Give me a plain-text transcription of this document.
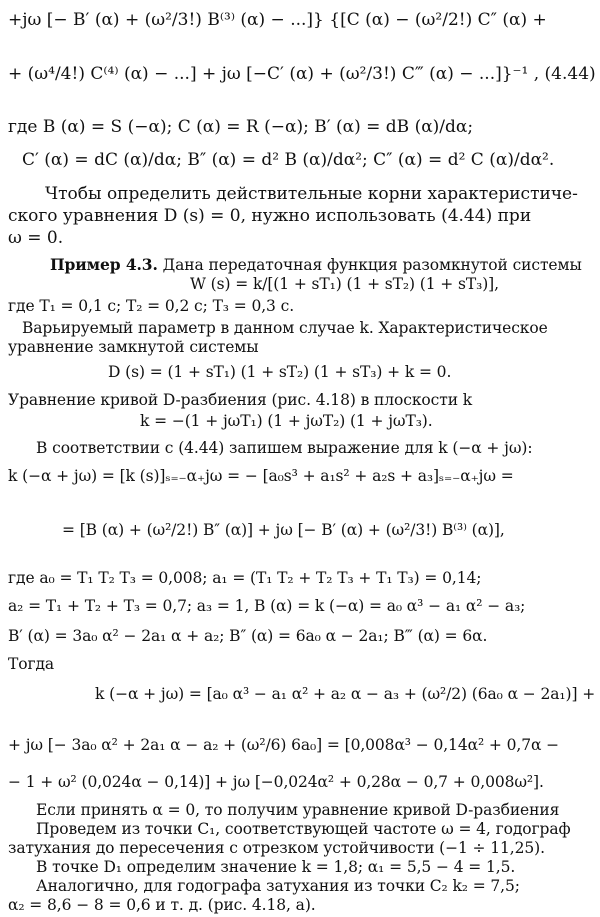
+jω [− B′ (α) + (ω²/3!) B⁽³⁾ (α) − ...]} {[C (α) − (ω²/2!) C″ (α) +
+ (ω⁴/4!) C⁽⁴⁾ (α) − ...] + jω [−C′ (α) + (ω²/3!) C‴ (α) − ...]}⁻¹ , (4.44)
где B (α) = S (−α); C (α) = R (−α); B′ (α) = dB (α)/dα;
C′ (α) = dC (α)/dα; B″ (α) = d² B (α)/dα²; C″ (α) = d² C (α)/dα².
Чтобы определить действительные корни характеристиче-
ского уравнения D (s) = 0, нужно использовать (4.44) при
ω = 0.
Пример 4.3. Дана передаточная функция разомкнутой системы
W (s) = k/[(1 + sT₁) (1 + sT₂) (1 + sT₃)],
где T₁ = 0,1 с; T₂ = 0,2 с; T₃ = 0,3 с.
Варьируемый параметр в данном случае k. Характеристическое
уравнение замкнутой системы
D (s) = (1 + sT₁) (1 + sT₂) (1 + sT₃) + k = 0.
Уравнение кривой D-разбиения (рис. 4.18) в плоскости k
k = −(1 + jωT₁) (1 + jωT₂) (1 + jωT₃).
В соответствии с (4.44) запишем выражение для k (−α + jω):
k (−α + jω) = [k (s)]ₛ₌₋α₊jω = − [a₀s³ + a₁s² + a₂s + a₃]ₛ₌₋α₊jω =
= [B (α) + (ω²/2!) B″ (α)] + jω [− B′ (α) + (ω²/3!) B⁽³⁾ (α)],
где a₀ = T₁ T₂ T₃ = 0,008; a₁ = (T₁ T₂ + T₂ T₃ + T₁ T₃) = 0,14;
a₂ = T₁ + T₂ + T₃ = 0,7; a₃ = 1, B (α) = k (−α) = a₀ α³ − a₁ α² − a₃;
B′ (α) = 3a₀ α² − 2a₁ α + a₂; B″ (α) = 6a₀ α − 2a₁; B‴ (α) = 6α.
Тогда
k (−α + jω) = [a₀ α³ − a₁ α² + a₂ α − a₃ + (ω²/2) (6a₀ α − 2a₁)] +
+ jω [− 3a₀ α² + 2a₁ α − a₂ + (ω²/6) 6a₀] = [0,008α³ − 0,14α² + 0,7α −
− 1 + ω² (0,024α − 0,14)] + jω [−0,024α² + 0,28α − 0,7 + 0,008ω²].
Если принять α = 0, то получим уравнение кривой D-разбиения
Проведем из точки C₁, соответствующей частоте ω = 4, годограф
затухания до пересечения с отрезком устойчивости (−1 ÷ 11,25).
В точке D₁ определим значение k = 1,8; α₁ = 5,5 − 4 = 1,5.
Аналогично, для годографа затухания из точки C₂ k₂ = 7,5;
α₂ = 8,6 − 8 = 0,6 и т. д. (рис. 4.18, a).
